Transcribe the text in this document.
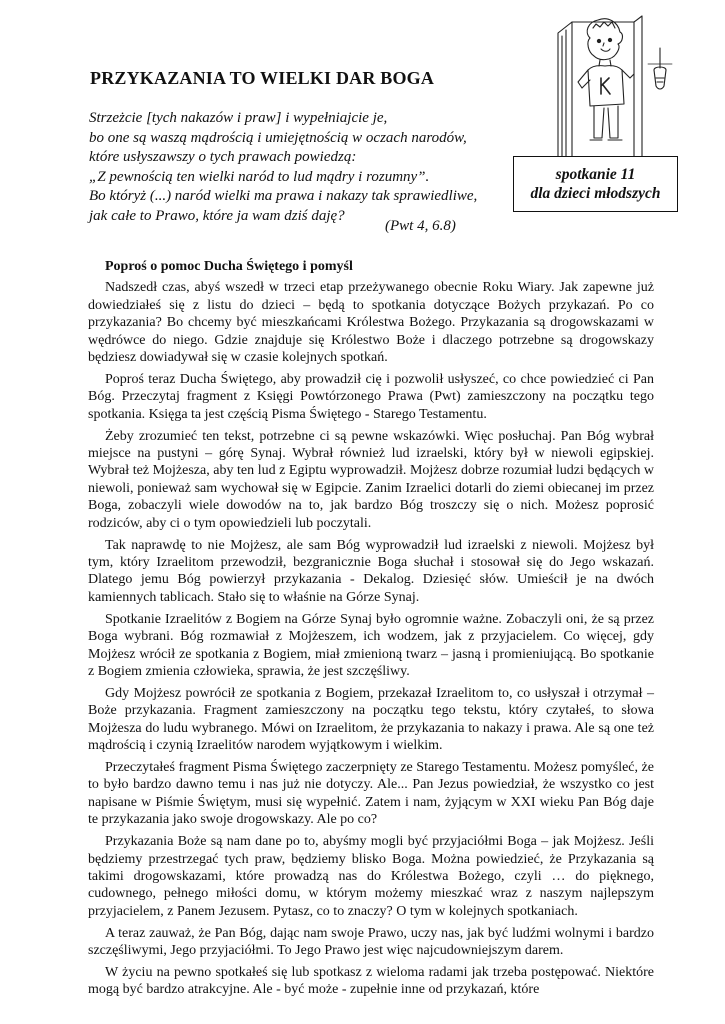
PRZYKAZANIA TO WIELKI DAR BOGA
Strzeżcie [tych nakazów i praw] i wypełniajcie je,
bo one są waszą mądrością i umiejętnością w oczach narodów,
które usłyszawszy o tych prawach powiedzą:
„Z pewnością ten wielki naród to lud mądry i rozumny”.
Bo któryż (...) naród wielki ma prawa i nakazy tak sprawiedliwe,
jak całe to Prawo, które ja wam dziś daję?
(Pwt 4, 6.8)
spotkanie 11
dla dzieci młodszych
Poproś o pomoc Ducha Świętego i pomyśl

Nadszedł czas, abyś wszedł w trzeci etap przeżywanego obecnie Roku Wiary. Jak zapewne już dowiedziałeś się z listu do dzieci – będą to spotkania dotyczące Bożych przykazań. Po co przykazania? Bo chcemy być mieszkańcami Królestwa Bożego. Przykazania są drogowskazami w wędrówce do niego. Gdzie znajduje się Królestwo Boże i dlaczego potrzebne są drogowskazy będziesz dowiadywał się w czasie kolejnych spotkań.

Poproś teraz Ducha Świętego, aby prowadził cię i pozwolił usłyszeć, co chce powiedzieć ci Pan Bóg. Przeczytaj fragment z Księgi Powtórzonego Prawa (Pwt) zamieszczony na początku tego spotkania. Księga ta jest częścią Pisma Świętego - Starego Testamentu.

Żeby zrozumieć ten tekst, potrzebne ci są pewne wskazówki. Więc posłuchaj. Pan Bóg wybrał miejsce na pustyni – górę Synaj. Wybrał również lud izraelski, który był w niewoli egipskiej. Wybrał też Mojżesza, aby ten lud z Egiptu wyprowadził. Mojżesz dobrze rozumiał ludzi będących w niewoli, ponieważ sam wychował się w Egipcie. Zanim Izraelici dotarli do ziemi obiecanej im przez Boga, zobaczyli wiele dowodów na to, jak bardzo Bóg troszczy się o nich. Możesz poprosić rodziców, aby ci o tym opowiedzieli lub poczytali.

Tak naprawdę to nie Mojżesz, ale sam Bóg wyprowadził lud izraelski z niewoli. Mojżesz był tym, który Izraelitom przewodził, bezgranicznie Boga słuchał i stosował się do Jego wskazań. Dlatego jemu Bóg powierzył przykazania - Dekalog. Dziesięć słów. Umieścił je na dwóch kamiennych tablicach. Stało się to właśnie na Górze Synaj.

Spotkanie Izraelitów z Bogiem na Górze Synaj było ogromnie ważne. Zobaczyli oni, że są przez Boga wybrani. Bóg rozmawiał z Mojżeszem, ich wodzem, jak z przyjacielem. Co więcej, gdy Mojżesz wrócił ze spotkania z Bogiem, miał zmienioną twarz – jasną i promieniującą. Bo spotkanie z Bogiem zmienia człowieka, sprawia, że jest szczęśliwy.

Gdy Mojżesz powrócił ze spotkania z Bogiem, przekazał Izraelitom to, co usłyszał i otrzymał – Boże przykazania. Fragment zamieszczony na początku tego tekstu, który czytałeś, to słowa Mojżesza do ludu wybranego. Mówi on Izraelitom, że przykazania to nakazy i prawa. Ale są one też mądrością i czynią Izraelitów narodem wyjątkowym i wielkim.

Przeczytałeś fragment Pisma Świętego zaczerpnięty ze Starego Testamentu. Możesz pomyśleć, że to było bardzo dawno temu i nas już nie dotyczy. Ale... Pan Jezus powiedział, że wszystko co jest napisane w Piśmie Świętym, musi się wypełnić. Zatem i nam, żyjącym w XXI wieku Pan Bóg daje te przykazania jako swoje drogowskazy. Ale po co?

Przykazania Boże są nam dane po to, abyśmy mogli być przyjaciółmi Boga – jak Mojżesz. Jeśli będziemy przestrzegać tych praw, będziemy blisko Boga. Można powiedzieć, że Przykazania są takimi drogowskazami, które prowadzą nas do Królestwa Bożego, czyli … do pięknego, cudownego, pełnego miłości domu, w którym możemy mieszkać wraz z naszym najlepszym przyjacielem, z Panem Jezusem. Pytasz, co to znaczy? O tym w kolejnych spotkaniach.

A teraz zauważ, że Pan Bóg, dając nam swoje Prawo, uczy nas, jak być ludźmi wolnymi i bardzo szczęśliwymi, Jego przyjaciółmi. To Jego Prawo jest więc najcudowniejszym darem.

W życiu na pewno spotkałeś się lub spotkasz z wieloma radami jak trzeba postępować. Niektóre mogą być bardzo atrakcyjne. Ale - być może - zupełnie inne od przykazań, które
